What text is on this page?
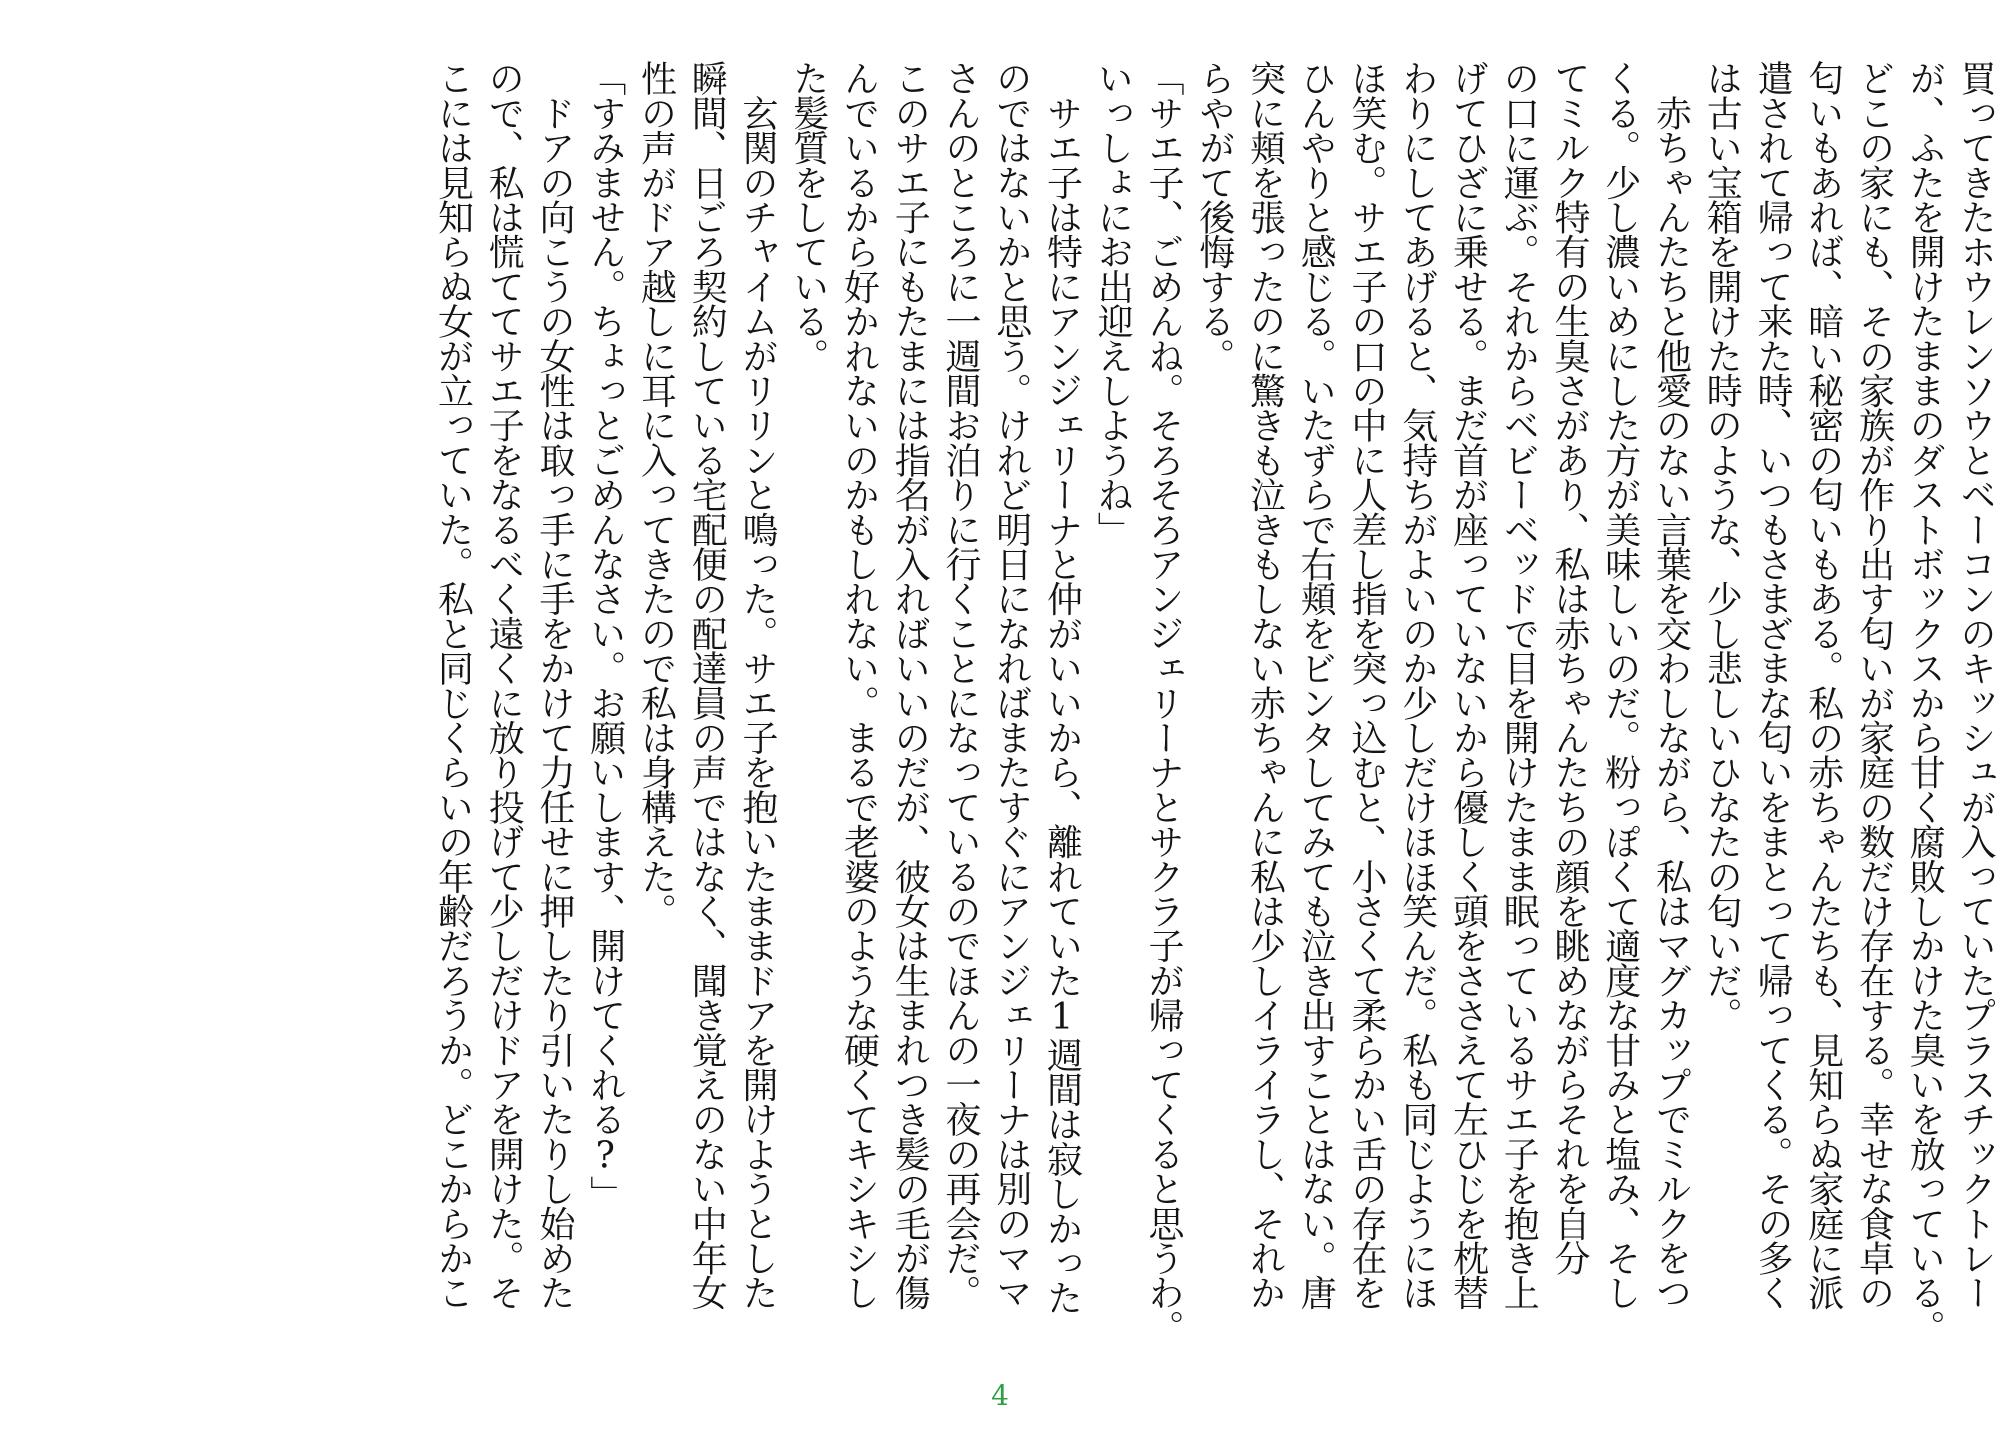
買ってきたホウレンソウとベーコンのキッシュが入っていたプラスチックトレー
が、ふたを開けたままのダストボックスから甘く腐敗しかけた臭いを放っている。
どこの家にも、その家族が作り出す匂いが家庭の数だけ存在する。幸せな食卓の
匂いもあれば、暗い秘密の匂いもある。私の赤ちゃんたちも、見知らぬ家庭に派
遣されて帰って来た時、いつもさまざまな匂いをまとって帰ってくる。その多く
は古い宝箱を開けた時のような、少し悲しいひなたの匂いだ。
　赤ちゃんたちと他愛のない言葉を交わしながら、私はマグカップでミルクをつ
くる。少し濃いめにした方が美味しいのだ。粉っぽくて適度な甘みと塩み、そし
てミルク特有の生臭さがあり、私は赤ちゃんたちの顔を眺めながらそれを自分
の口に運ぶ。それからベビーベッドで目を開けたまま眠っているサエ子を抱き上
げてひざに乗せる。まだ首が座っていないから優しく頭をささえて左ひじを枕替
わりにしてあげると、気持ちがよいのか少しだけほほ笑んだ。私も同じようにほ
ほ笑む。サエ子の口の中に人差し指を突っ込むと、小さくて柔らかい舌の存在を
ひんやりと感じる。いたずらで右頬をビンタしてみても泣き出すことはない。唐
突に頬を張ったのに驚きも泣きもしない赤ちゃんに私は少しイライラし、それか
らやがて後悔する。
「サエ子、ごめんね。そろそろアンジェリーナとサクラ子が帰ってくると思うわ。
いっしょにお出迎えしようね」
　サエ子は特にアンジェリーナと仲がいいから、離れていた1週間は寂しかった
のではないかと思う。けれど明日になればまたすぐにアンジェリーナは別のママ
さんのところに一週間お泊りに行くことになっているのでほんの一夜の再会だ。
このサエ子にもたまには指名が入ればいいのだが、彼女は生まれつき髪の毛が傷
んでいるから好かれないのかもしれない。まるで老婆のような硬くてキシキシし
た髪質をしている。
　玄関のチャイムがリリンと鳴った。サエ子を抱いたままドアを開けようとした
瞬間、日ごろ契約している宅配便の配達員の声ではなく、聞き覚えのない中年女
性の声がドア越しに耳に入ってきたので私は身構えた。
「すみません。ちょっとごめんなさい。お願いします、開けてくれる?」
　ドアの向こうの女性は取っ手に手をかけて力任せに押したり引いたりし始めた
ので、私は慌ててサエ子をなるべく遠くに放り投げて少しだけドアを開けた。そ
こには見知らぬ女が立っていた。私と同じくらいの年齢だろうか。どこからかこ
4
